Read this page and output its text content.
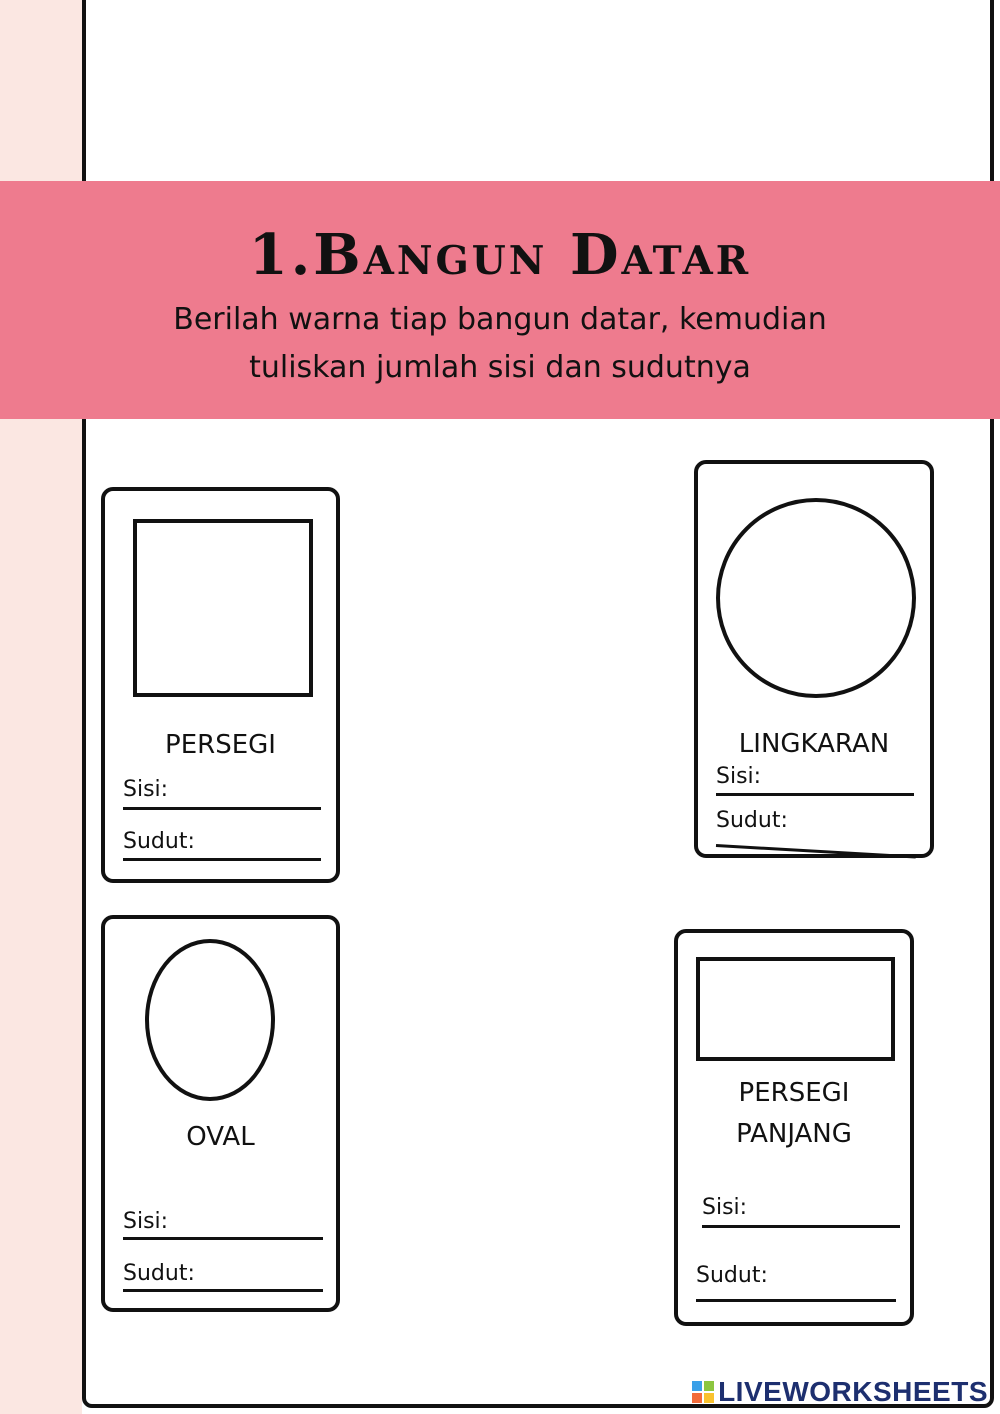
1.Bangun Datar
Berilah warna tiap bangun datar, kemudian
tuliskan jumlah sisi dan sudutnya
PERSEGI
Sisi:
Sudut:
LINGKARAN
Sisi:
Sudut:
OVAL
Sisi:
Sudut:
PERSEGI
PANJANG
Sisi:
Sudut:
LIVEWORKSHEETS
